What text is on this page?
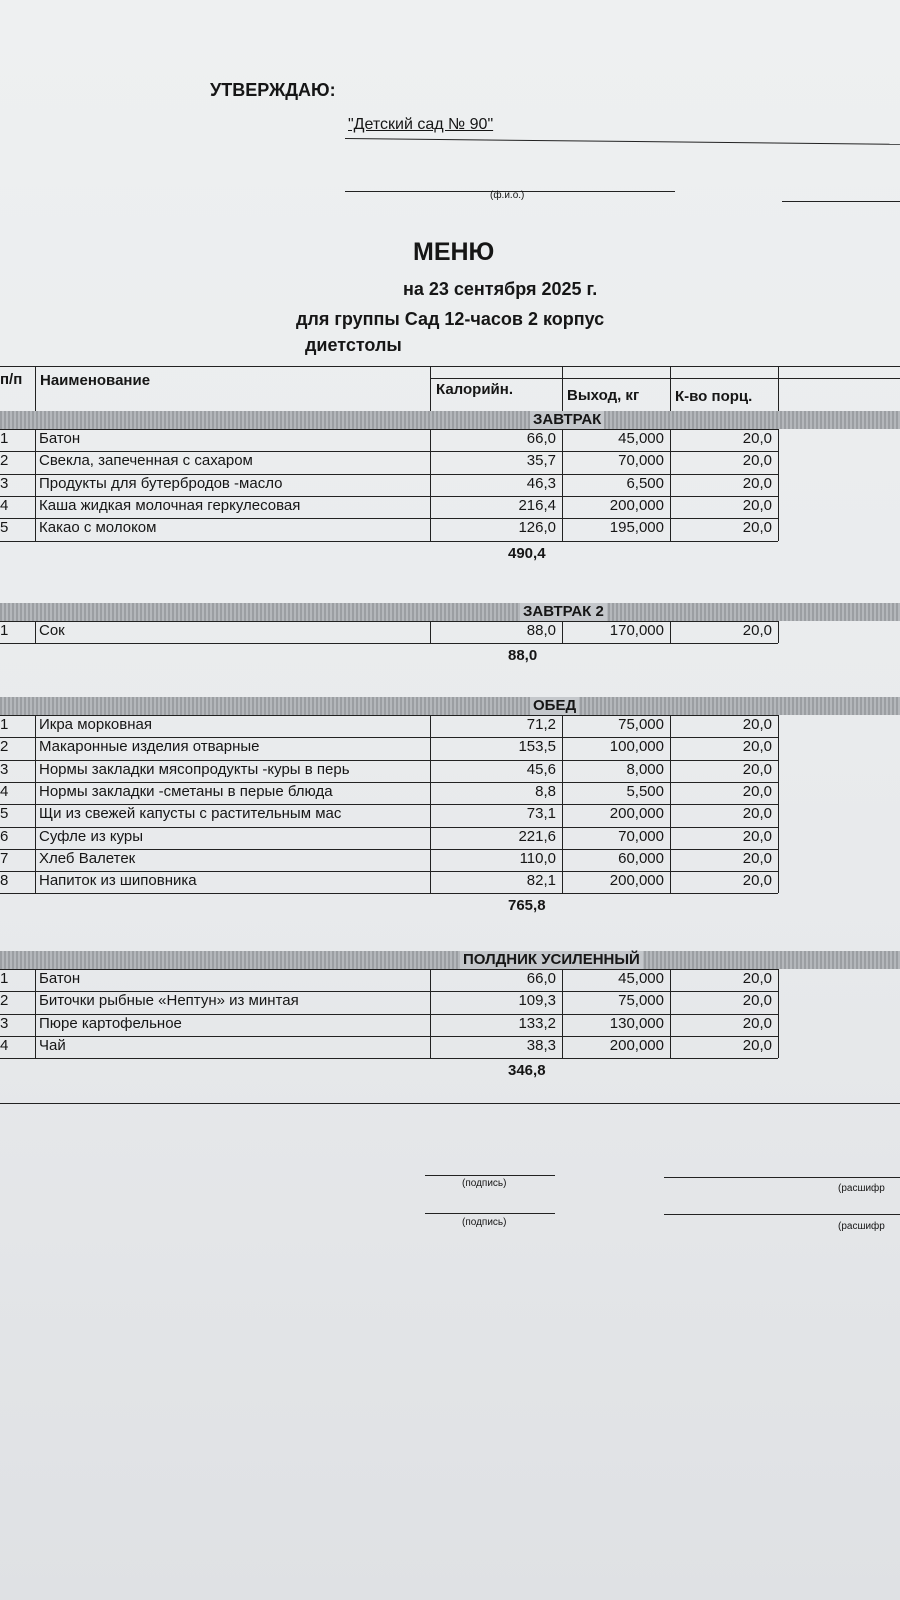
УТВЕРЖДАЮ:
"Детский сад № 90"
(ф.и.о.)
МЕНЮ
на 23 сентября 2025 г.
для группы Сад 12-часов 2 корпус
диетстолы
п/п	Наименование
Калорийн.	Выход, кг	К-во порц.
ЗАВТРАК
1	Батон	66,0	45,000	20,0
2	Свекла, запеченная с сахаром	35,7	70,000	20,0
3	Продукты для бутербродов -масло	46,3	6,500	20,0
4	Каша жидкая молочная геркулесовая	216,4	200,000	20,0
5	Какао с молоком	126,0	195,000	20,0
490,4
ЗАВТРАК 2
1	Сок	88,0	170,000	20,0
88,0
ОБЕД
1	Икра морковная	71,2	75,000	20,0
2	Макаронные изделия отварные	153,5	100,000	20,0
3	Нормы закладки мясопродукты -куры в перь	45,6	8,000	20,0
4	Нормы закладки -сметаны в перые блюда	8,8	5,500	20,0
5	Щи из свежей капусты с растительным мас	73,1	200,000	20,0
6	Суфле из куры	221,6	70,000	20,0
7	Хлеб Валетек	110,0	60,000	20,0
8	Напиток из шиповника	82,1	200,000	20,0
765,8
ПОЛДНИК УСИЛЕННЫЙ
1	Батон	66,0	45,000	20,0
2	Биточки рыбные «Нептун» из минтая	109,3	75,000	20,0
3	Пюре картофельное	133,2	130,000	20,0
4	Чай	38,3	200,000	20,0
346,8
(подпись)	(расшифр
(подпись)	(расшифр
